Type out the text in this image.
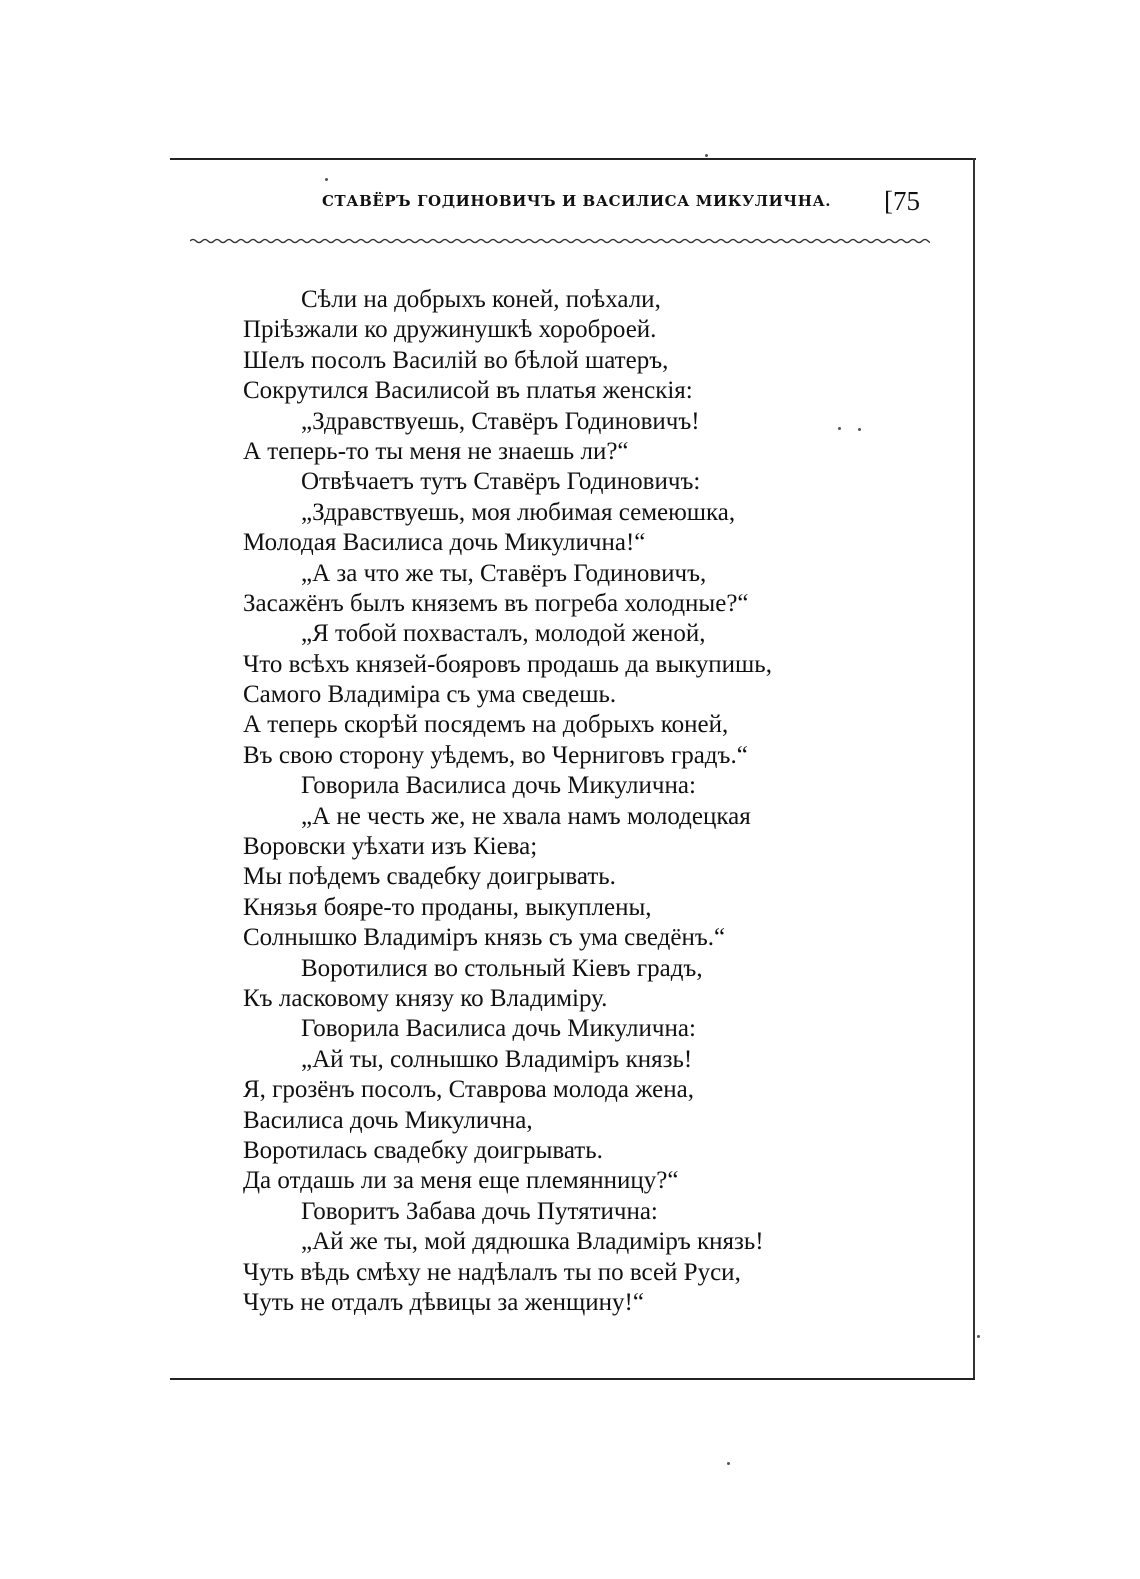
СТАВЁРЪ ГОДИНОВИЧЪ И ВАСИЛИСА МИКУЛИЧНА.	[75
Сѣли на добрыхъ коней, поѣхали,
Пріѣзжали ко дружинушкѣ хороброей.
Шелъ посолъ Василій во бѣлой шатеръ,
Сокрутился Василисой въ платья женскія:
„Здравствуешь, Ставёръ Годиновичъ!
А теперь-то ты меня не знаешь ли?“
Отвѣчаетъ тутъ Ставёръ Годиновичъ:
„Здравствуешь, моя любимая семеюшка,
Молодая Василиса дочь Микулична!“
„А за что же ты, Ставёръ Годиновичъ,
Засажёнъ былъ княземъ въ погреба холодные?“
„Я тобой похвасталъ, молодой женой,
Что всѣхъ князей-бояровъ продашь да выкупишь,
Самого Владиміра съ ума сведешь.
А теперь скорѣй посядемъ на добрыхъ коней,
Въ свою сторону уѣдемъ, во Черниговъ градъ.“
Говорила Василиса дочь Микулична:
„А не честь же, не хвала намъ молодецкая
Воровски уѣхати изъ Кіева;
Мы поѣдемъ свадебку доигрывать.
Князья бояре-то проданы, выкуплены,
Солнышко Владиміръ князь съ ума сведёнъ.“
Воротилися во стольный Кіевъ градъ,
Къ ласковому князу ко Владиміру.
Говорила Василиса дочь Микулична:
„Ай ты, солнышко Владиміръ князь!
Я, грозёнъ посолъ, Ставрова молода жена,
Василиса дочь Микулична,
Воротилась свадебку доигрывать.
Да отдашь ли за меня еще племянницу?“
Говоритъ Забава дочь Путятична:
„Ай же ты, мой дядюшка Владиміръ князь!
Чуть вѣдь смѣху не надѣлалъ ты по всей Руси,
Чуть не отдалъ дѣвицы за женщину!“
